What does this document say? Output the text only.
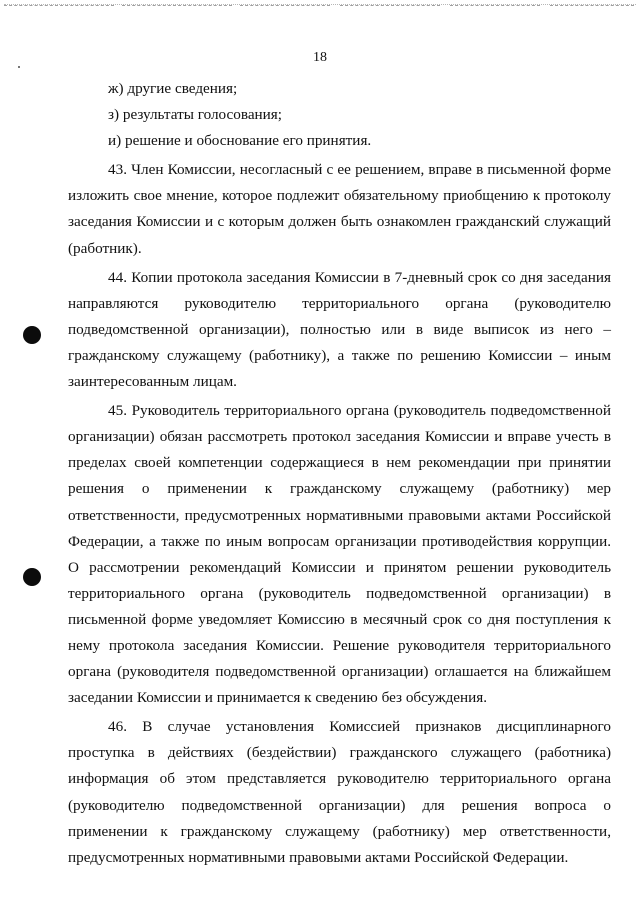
18

ж) другие сведения;

з) результаты голосования;

и) решение и обоснование его принятия.

43. Член Комиссии, несогласный с ее решением, вправе в письменной форме изложить свое мнение, которое подлежит обязательному приобщению к протоколу заседания Комиссии и с которым должен быть ознакомлен гражданский служащий (работник).

44. Копии протокола заседания Комиссии в 7-дневный срок со дня заседания направляются руководителю территориального органа (руководителю подведомственной организации), полностью или в виде выписок из него – гражданскому служащему (работнику), а также по решению Комиссии – иным заинтересованным лицам.

45. Руководитель территориального органа (руководитель подведомственной организации) обязан рассмотреть протокол заседания Комиссии и вправе учесть в пределах своей компетенции содержащиеся в нем рекомендации при принятии решения о применении к гражданскому служащему (работнику) мер ответственности, предусмотренных нормативными правовыми актами Российской Федерации, а также по иным вопросам организации противодействия коррупции. О рассмотрении рекомендаций Комиссии и принятом решении руководитель территориального органа (руководитель подведомственной организации) в письменной форме уведомляет Комиссию в месячный срок со дня поступления к нему протокола заседания Комиссии. Решение руководителя территориального органа (руководителя подведомственной организации) оглашается на ближайшем заседании Комиссии и принимается к сведению без обсуждения.

46. В случае установления Комиссией признаков дисциплинарного проступка в действиях (бездействии) гражданского служащего (работника) информация об этом представляется руководителю территориального органа (руководителю подведомственной организации) для решения вопроса о применении к гражданскому служащему (работнику) мер ответственности, предусмотренных нормативными правовыми актами Российской Федерации.
